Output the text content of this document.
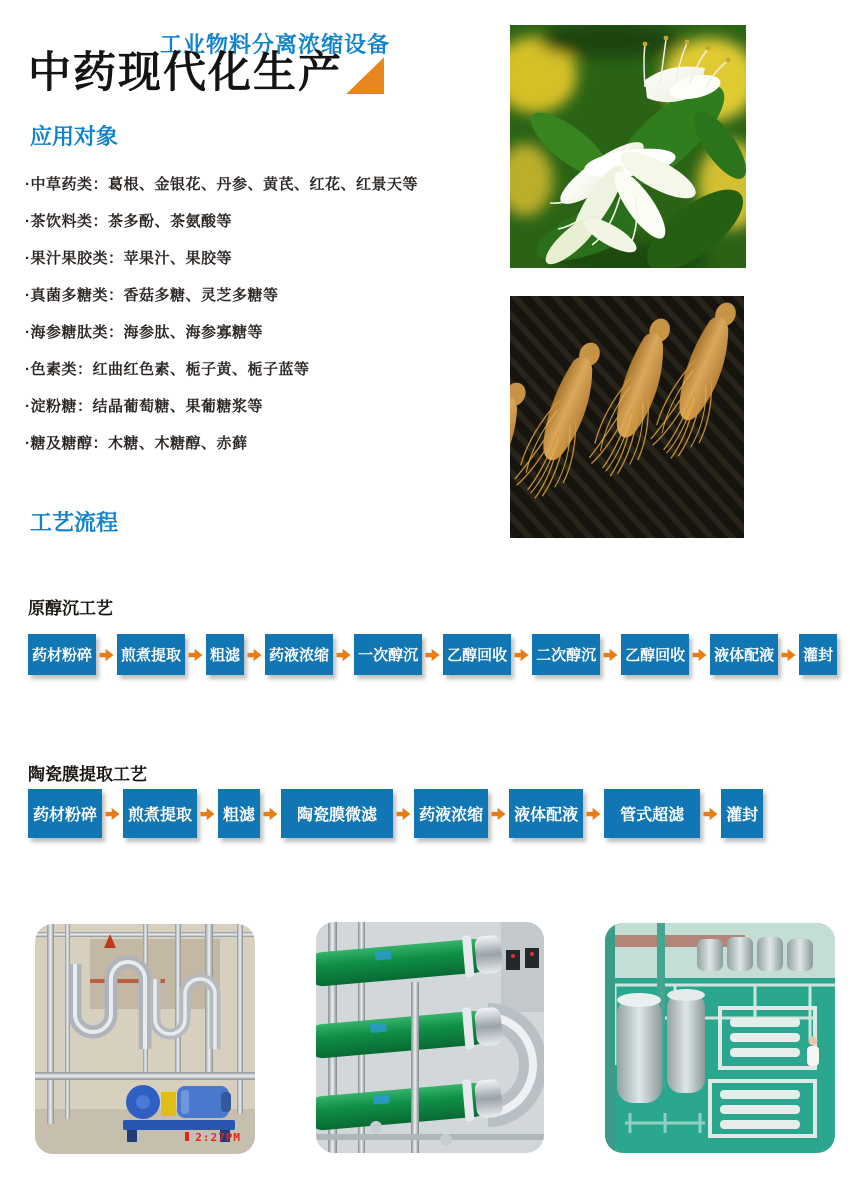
工业物料分离浓缩设备
中药现代化生产
应用对象
·中草药类：葛根、金银花、丹参、黄芪、红花、红景天等
·茶饮料类：茶多酚、茶氨酸等
·果汁果胶类：苹果汁、果胶等
·真菌多糖类：香菇多糖、灵芝多糖等
·海参糖肽类：海参肽、海参寡糖等
·色素类：红曲红色素、栀子黄、栀子蓝等
·淀粉糖：结晶葡萄糖、果葡糖浆等
·糖及糖醇：木糖、木糖醇、赤藓
工艺流程
原醇沉工艺
药材粉碎 煎煮提取 粗滤 药液浓缩 一次醇沉 乙醇回收 二次醇沉 乙醇回收 液体配液 灌封
陶瓷膜提取工艺
药材粉碎	煎煮提取	粗滤	陶瓷膜微滤	药液浓缩	液体配液	管式超滤	灌封
2:27PM
